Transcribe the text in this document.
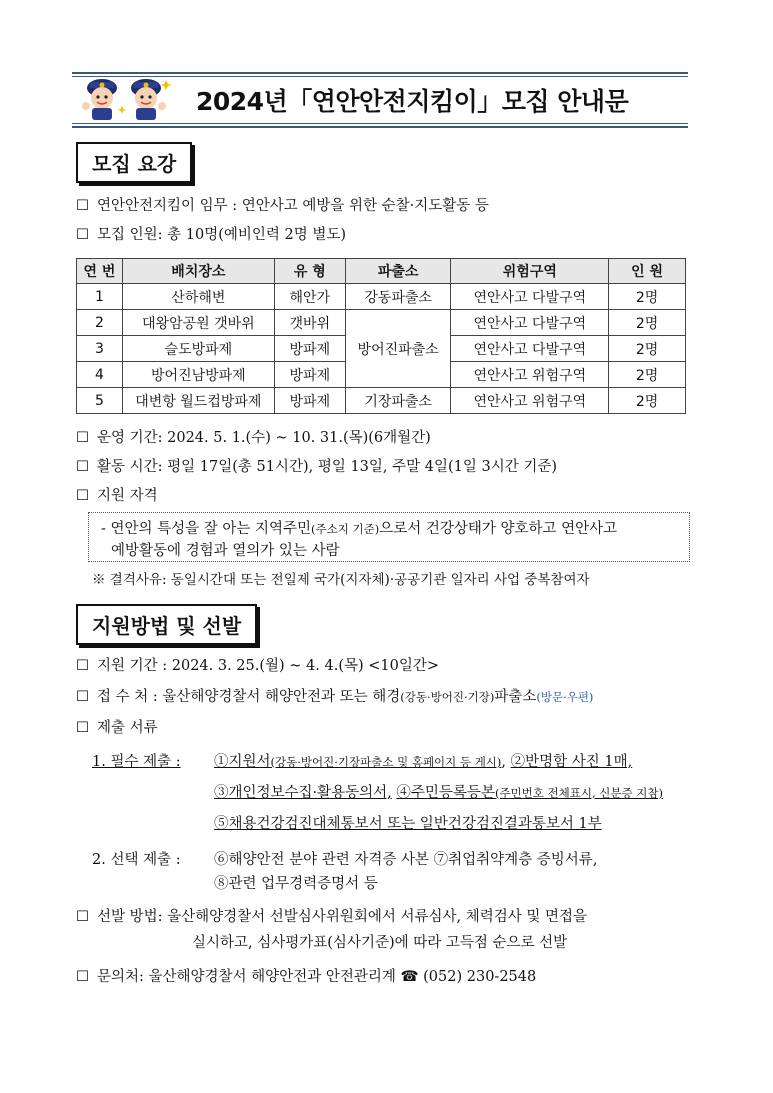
2024년「연안안전지킴이」모집 안내문
모집 요강
☐ 연안안전지킴이 임무 : 연안사고 예방을 위한 순찰·지도활동 등
☐ 모집 인원: 총 10명(예비인력 2명 별도)
연 번	배치장소	유 형	파출소	위험구역	인 원
1	산하해변	해안가	강동파출소	연안사고 다발구역	2명
2	대왕암공원 갯바위	갯바위	방어진파출소	연안사고 다발구역	2명
3	슬도방파제	방파제		연안사고 다발구역	2명
4	방어진남방파제	방파제		연안사고 위험구역	2명
5	대변항 월드컵방파제	방파제	기장파출소	연안사고 위험구역	2명
☐ 운영 기간: 2024. 5. 1.(수) ~ 10. 31.(목)(6개월간)
☐ 활동 시간: 평일 17일(총 51시간), 평일 13일, 주말 4일(1일 3시간 기준)
☐ 지원 자격
- 연안의 특성을 잘 아는 지역주민(주소지 기준)으로서 건강상태가 양호하고 연안사고
예방활동에 경험과 열의가 있는 사람
※ 결격사유: 동일시간대 또는 전일제 국가(지자체)·공공기관 일자리 사업 중복참여자
지원방법 및 선발
☐ 지원 기간 : 2024. 3. 25.(월) ~ 4. 4.(목) <10일간>
☐ 접 수 처 : 울산해양경찰서 해양안전과 또는 해경(강동·방어진·기장)파출소(방문·우편)
☐ 제출 서류
1. 필수 제출 : ①지원서(강동·방어진·기장파출소 및 홈페이지 등 게시), ②반명함 사진 1매,
③개인정보수집·활용동의서, ④주민등록등본(주민번호 전체표시, 신분증 지참)
⑤채용건강검진대체통보서 또는 일반건강검진결과통보서 1부
2. 선택 제출 : ⑥해양안전 분야 관련 자격증 사본 ⑦취업취약계층 증빙서류,
⑧관련 업무경력증명서 등
☐ 선발 방법: 울산해양경찰서 선발심사위원회에서 서류심사, 체력검사 및 면접을
실시하고, 심사평가표(심사기준)에 따라 고득점 순으로 선발
☐ 문의처: 울산해양경찰서 해양안전과 안전관리계 ☎ (052) 230-2548
